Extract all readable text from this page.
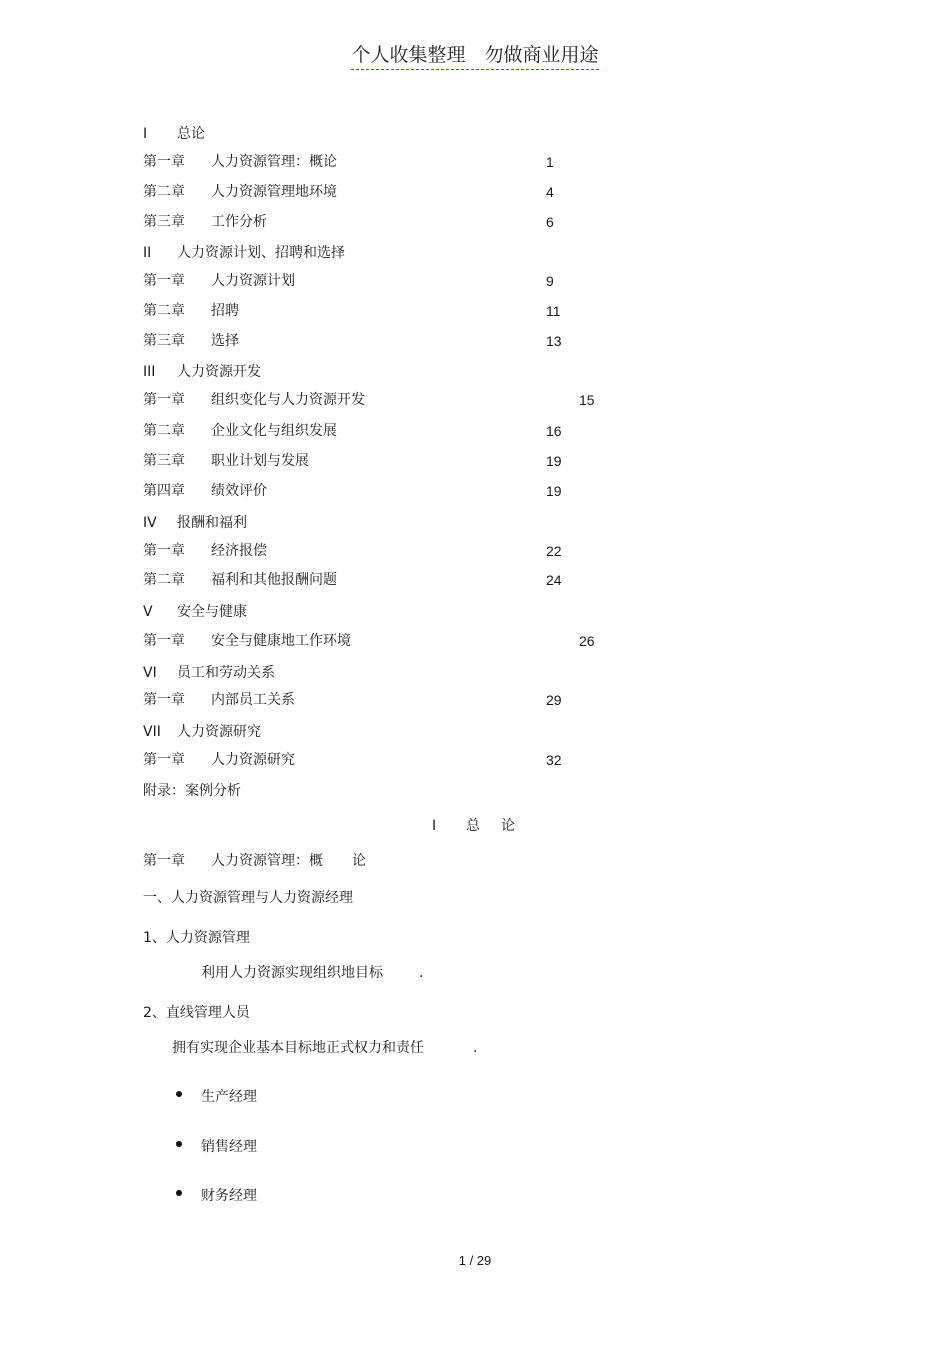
个人收集整理　勿做商业用途
I 总论
第一章 人力资源管理：概论	1
第二章 人力资源管理地环境	4
第三章 工作分析	6
II 人力资源计划、招聘和选择
第一章 人力资源计划	9
第二章 招聘	11
第三章 选择	13
III 人力资源开发
第一章 组织变化与人力资源开发	15
第二章 企业文化与组织发展	16
第三章 职业计划与发展	19
第四章 绩效评价	19
IV 报酬和福利
第一章 经济报偿	22
第二章 福利和其他报酬问题	24
V 安全与健康
第一章 安全与健康地工作环境	26
VI 员工和劳动关系
第一章 内部员工关系	29
VII 人力资源研究
第一章 人力资源研究	32
附录：案例分析
I 总 论
第一章 人力资源管理：概 论
一、人力资源管理与人力资源经理
1、人力资源管理
利用人力资源实现组织地目标	.
2、直线管理人员
拥有实现企业基本目标地正式权力和责任	.
生产经理
销售经理
财务经理
1 / 29
